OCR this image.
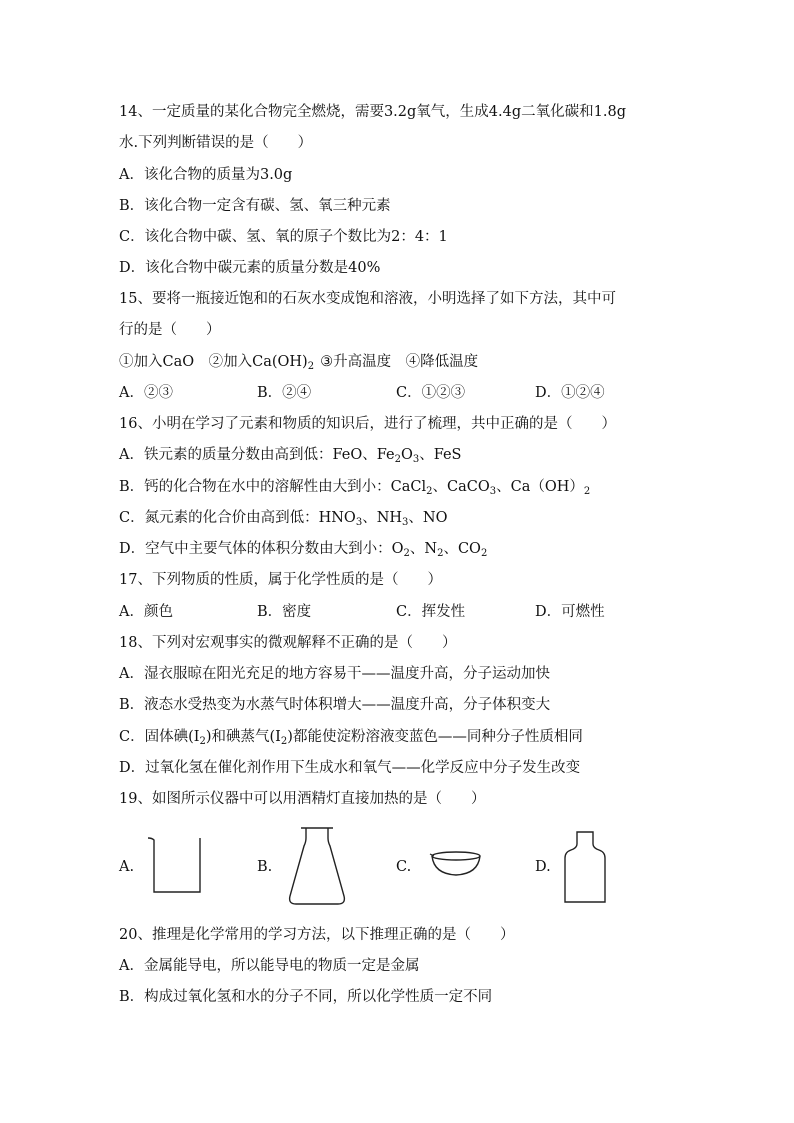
14、一定质量的某化合物完全燃烧，需要3.2g氧气，生成4.4g二氧化碳和1.8g
水.下列判断错误的是（　　）
A．该化合物的质量为3.0g
B．该化合物一定含有碳、氢、氧三种元素
C．该化合物中碳、氢、氧的原子个数比为2：4：1
D．该化合物中碳元素的质量分数是40%
15、要将一瓶接近饱和的石灰水变成饱和溶液，小明选择了如下方法，其中可
行的是（　　）
①加入CaO　②加入$Ca(OH)_2$ ③升高温度　④降低温度
A．②③	B．②④	C．①②③	D．①②④
16、小明在学习了元素和物质的知识后，进行了梳理，共中正确的是（　　）
A．铁元素的质量分数由高到低：FeO、$Fe_2O_3$、FeS
B．钙的化合物在水中的溶解性由大到小：CaCl$_2$、CaCO$_3$、$Ca(OH)_2$
C．氮元素的化合价由高到低：$HNO_3$、$NH_3$、NO
D．空气中主要气体的体积分数由大到小：$O_2$、$N_2$、$CO_2$
17、下列物质的性质，属于化学性质的是（　　）
A．颜色	B．密度	C．挥发性	D．可燃性
18、下列对宏观事实的微观解释不正确的是（　　）
A．湿衣服晾在阳光充足的地方容易干——温度升高，分子运动加快
B．液态水受热变为水蒸气时体积增大——温度升高，分子体积变大
C．固体碘$(I_2)$和碘蒸气$(I_2)$都能使淀粉溶液变蓝色——同种分子性质相同
D．过氧化氢在催化剂作用下生成水和氧气——化学反应中分子发生改变
19、如图所示仪器中可以用酒精灯直接加热的是（　　）
A.	B.	C.	D.
20、推理是化学常用的学习方法，以下推理正确的是（　　）
A．金属能导电，所以能导电的物质一定是金属
B．构成过氧化氢和水的分子不同，所以化学性质一定不同
